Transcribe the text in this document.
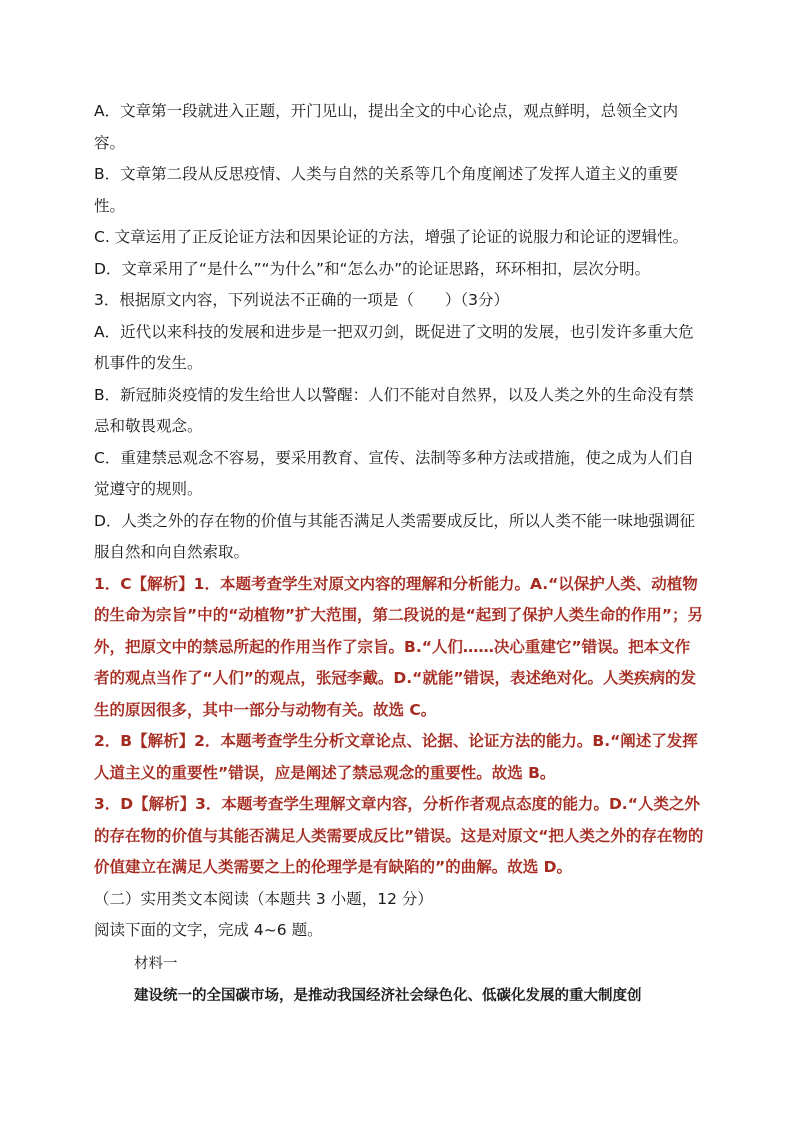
A．文章第一段就进入正题，开门见山，提出全文的中心论点，观点鲜明，总领全文内容。

B．文章第二段从反思疫情、人类与自然的关系等几个角度阐述了发挥人道主义的重要性。

C. 文章运用了正反论证方法和因果论证的方法，增强了论证的说服力和论证的逻辑性。

D．文章采用了“是什么”“为什么”和“怎么办”的论证思路，环环相扣，层次分明。

3．根据原文内容，下列说法不正确的一项是（　　）（3分）

A．近代以来科技的发展和进步是一把双刃剑，既促进了文明的发展，也引发许多重大危机事件的发生。

B．新冠肺炎疫情的发生给世人以警醒：人们不能对自然界，以及人类之外的生命没有禁忌和敬畏观念。

C．重建禁忌观念不容易，要采用教育、宣传、法制等多种方法或措施，使之成为人们自觉遵守的规则。

D．人类之外的存在物的价值与其能否满足人类需要成反比，所以人类不能一味地强调征服自然和向自然索取。

1．C【解析】1．本题考查学生对原文内容的理解和分析能力。A.“以保护人类、动植物的生命为宗旨”中的“动植物”扩大范围，第二段说的是“起到了保护人类生命的作用”；另外，把原文中的禁忌所起的作用当作了宗旨。B.“人们……决心重建它”错误。把本文作者的观点当作了“人们”的观点，张冠李戴。D.“就能”错误，表述绝对化。人类疾病的发生的原因很多，其中一部分与动物有关。故选 C。

2．B【解析】2．本题考查学生分析文章论点、论据、论证方法的能力。B.“阐述了发挥人道主义的重要性”错误，应是阐述了禁忌观念的重要性。故选 B。

3．D【解析】3．本题考查学生理解文章内容，分析作者观点态度的能力。D.“人类之外的存在物的价值与其能否满足人类需要成反比”错误。这是对原文“把人类之外的存在物的价值建立在满足人类需要之上的伦理学是有缺陷的”的曲解。故选 D。

（二）实用类文本阅读（本题共 3 小题，12 分）

阅读下面的文字，完成 4~6 题。

材料一

建设统一的全国碳市场，是推动我国经济社会绿色化、低碳化发展的重大制度创
